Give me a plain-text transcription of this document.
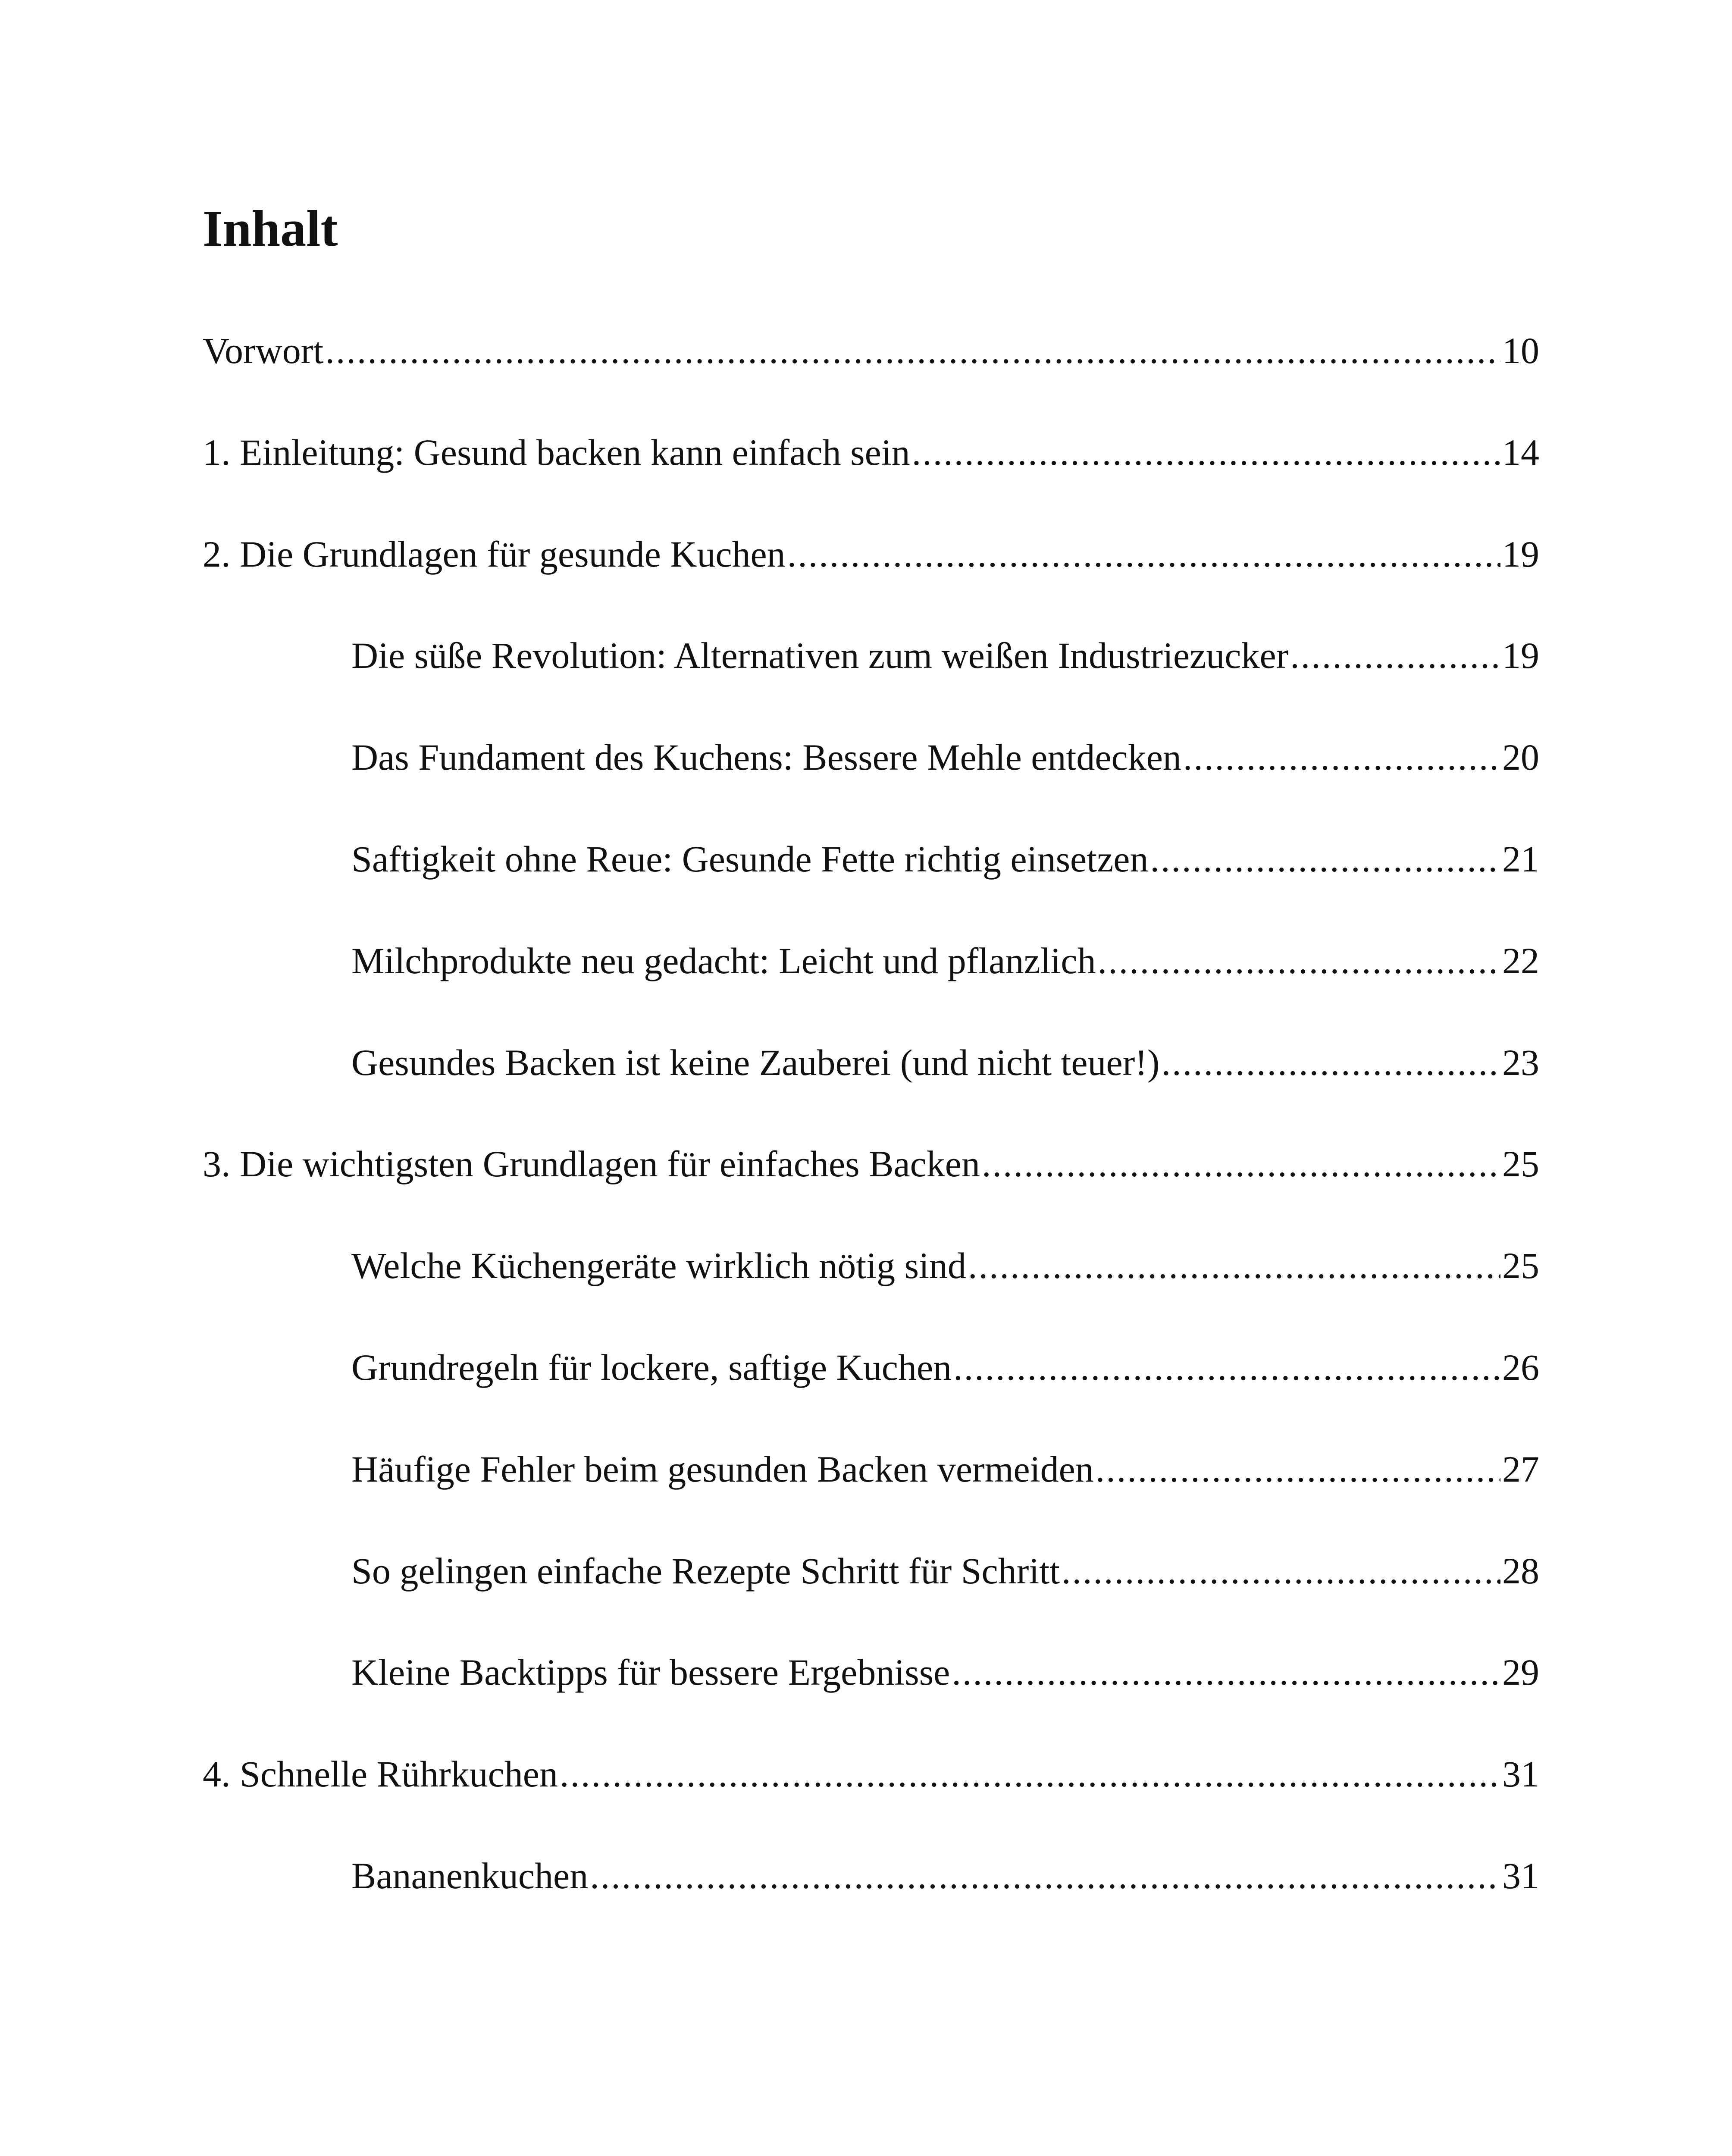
Inhalt
Vorwort .....	10
1. Einleitung: Gesund backen kann einfach sein .....	14
2. Die Grundlagen für gesunde Kuchen .....	19
Die süße Revolution: Alternativen zum weißen Industriezucker .....	19
Das Fundament des Kuchens: Bessere Mehle entdecken .....	20
Saftigkeit ohne Reue: Gesunde Fette richtig einsetzen .....	21
Milchprodukte neu gedacht: Leicht und pflanzlich .....	22
Gesundes Backen ist keine Zauberei (und nicht teuer!) .....	23
3. Die wichtigsten Grundlagen für einfaches Backen .....	25
Welche Küchengeräte wirklich nötig sind .....	25
Grundregeln für lockere, saftige Kuchen .....	26
Häufige Fehler beim gesunden Backen vermeiden .....	27
So gelingen einfache Rezepte Schritt für Schritt .....	28
Kleine Backtipps für bessere Ergebnisse .....	29
4. Schnelle Rührkuchen .....	31
Bananenkuchen .....	31
